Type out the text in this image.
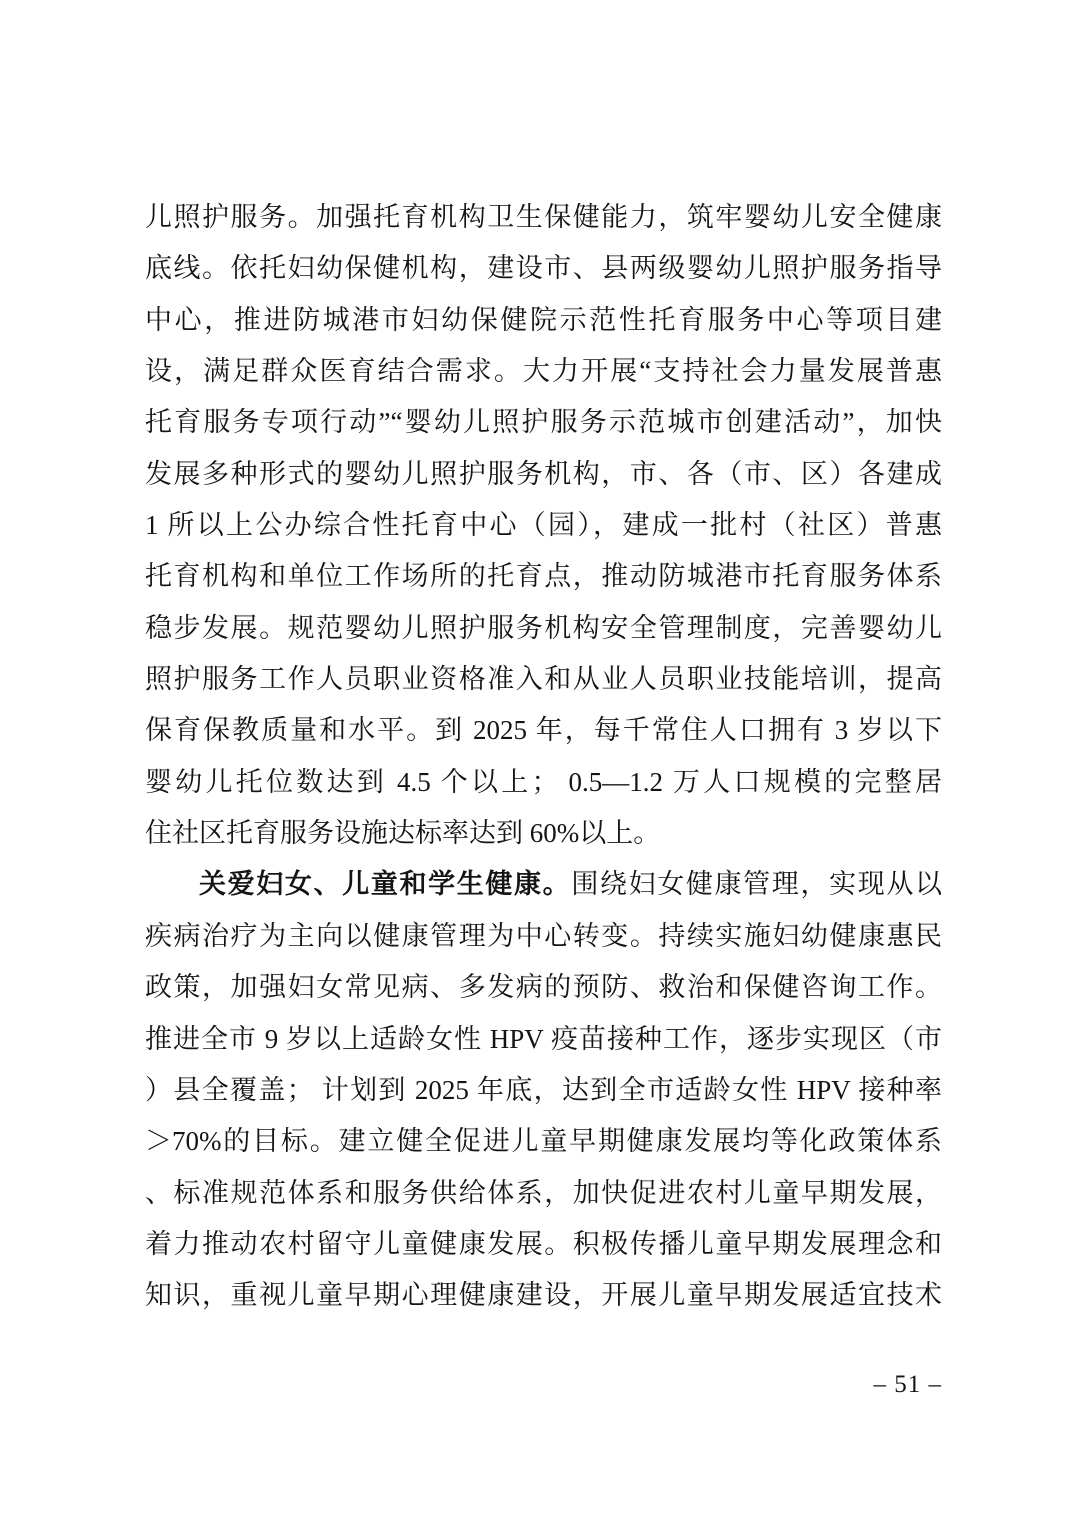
儿照护服务。加强托育机构卫生保健能力，筑牢婴幼儿安全健康
底线。依托妇幼保健机构，建设市、县两级婴幼儿照护服务指导
中心，推进防城港市妇幼保健院示范性托育服务中心等项目建
设，满足群众医育结合需求。大力开展“支持社会力量发展普惠
托育服务专项行动”“婴幼儿照护服务示范城市创建活动”，加快
发展多种形式的婴幼儿照护服务机构，市、各（市、区）各建成
1 所以上公办综合性托育中心（园），建成一批村（社区）普惠
托育机构和单位工作场所的托育点，推动防城港市托育服务体系
稳步发展。规范婴幼儿照护服务机构安全管理制度，完善婴幼儿
照护服务工作人员职业资格准入和从业人员职业技能培训，提高
保育保教质量和水平。到 2025 年，每千常住人口拥有 3 岁以下
婴幼儿托位数达到 4.5 个以上； 0.5—1.2 万人口规模的完整居
住社区托育服务设施达标率达到 60%以上。
关爱妇女、儿童和学生健康。围绕妇女健康管理，实现从以
疾病治疗为主向以健康管理为中心转变。持续实施妇幼健康惠民
政策，加强妇女常见病、多发病的预防、救治和保健咨询工作。
推进全市 9 岁以上适龄女性 HPV 疫苗接种工作，逐步实现区（市
）县全覆盖； 计划到 2025 年底，达到全市适龄女性 HPV 接种率
＞70%的目标。建立健全促进儿童早期健康发展均等化政策体系
、标准规范体系和服务供给体系，加快促进农村儿童早期发展，
着力推动农村留守儿童健康发展。积极传播儿童早期发展理念和
知识，重视儿童早期心理健康建设，开展儿童早期发展适宜技术
– 51 –
